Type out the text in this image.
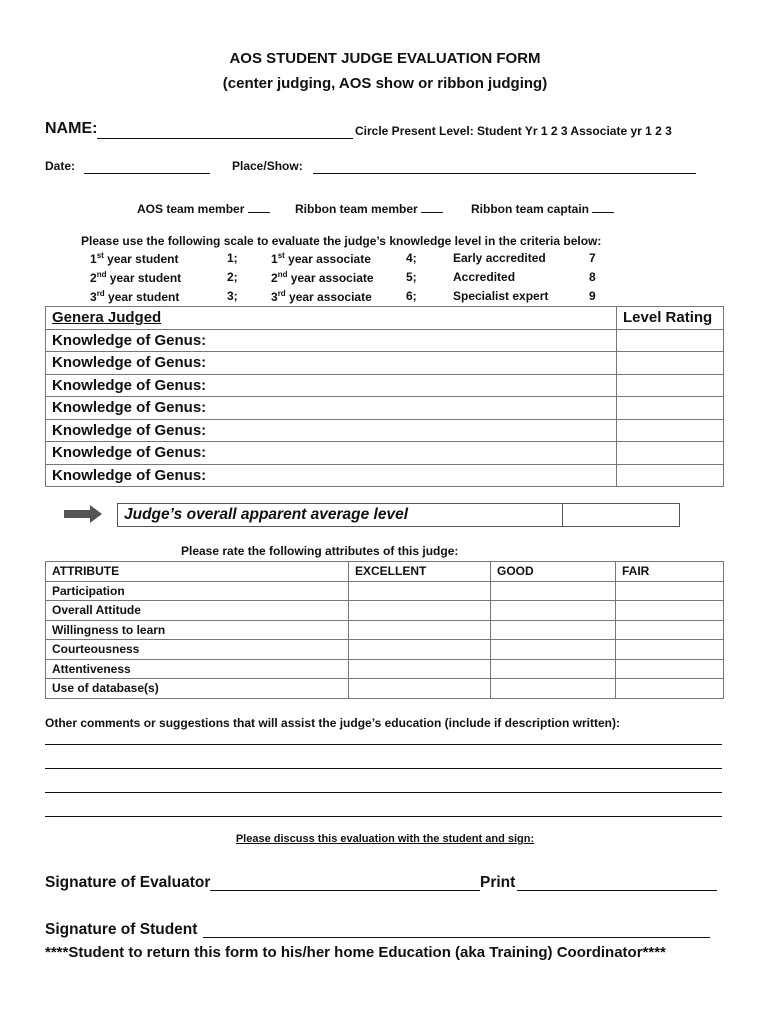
AOS STUDENT JUDGE EVALUATION FORM
(center judging, AOS show or ribbon judging)
NAME:	Circle Present Level: Student Yr 1 2 3 Associate yr 1 2 3
Date:	Place/Show:
AOS team member	Ribbon team member	Ribbon team captain
Please use the following scale to evaluate the judge’s knowledge level in the criteria below:
1st year student	1;	1st year associate	4;	Early accredited	7
2nd year student	2;	2nd year associate	5;	Accredited	8
3rd year student	3;	3rd year associate	6;	Specialist expert	9
Genera Judged	Level Rating
Knowledge of Genus:	
Knowledge of Genus:	
Knowledge of Genus:	
Knowledge of Genus:	
Knowledge of Genus:	
Knowledge of Genus:	
Knowledge of Genus:	
Judge’s overall apparent average level
Please rate the following attributes of this judge:
ATTRIBUTE	EXCELLENT	GOOD	FAIR
Participation			
Overall Attitude			
Willingness to learn			
Courteousness			
Attentiveness			
Use of database(s)			
Other comments or suggestions that will assist the judge’s education (include if description written):
Please discuss this evaluation with the student and sign:
Signature of Evaluator	Print
Signature of Student
****Student to return this form to his/her home Education (aka Training) Coordinator****
